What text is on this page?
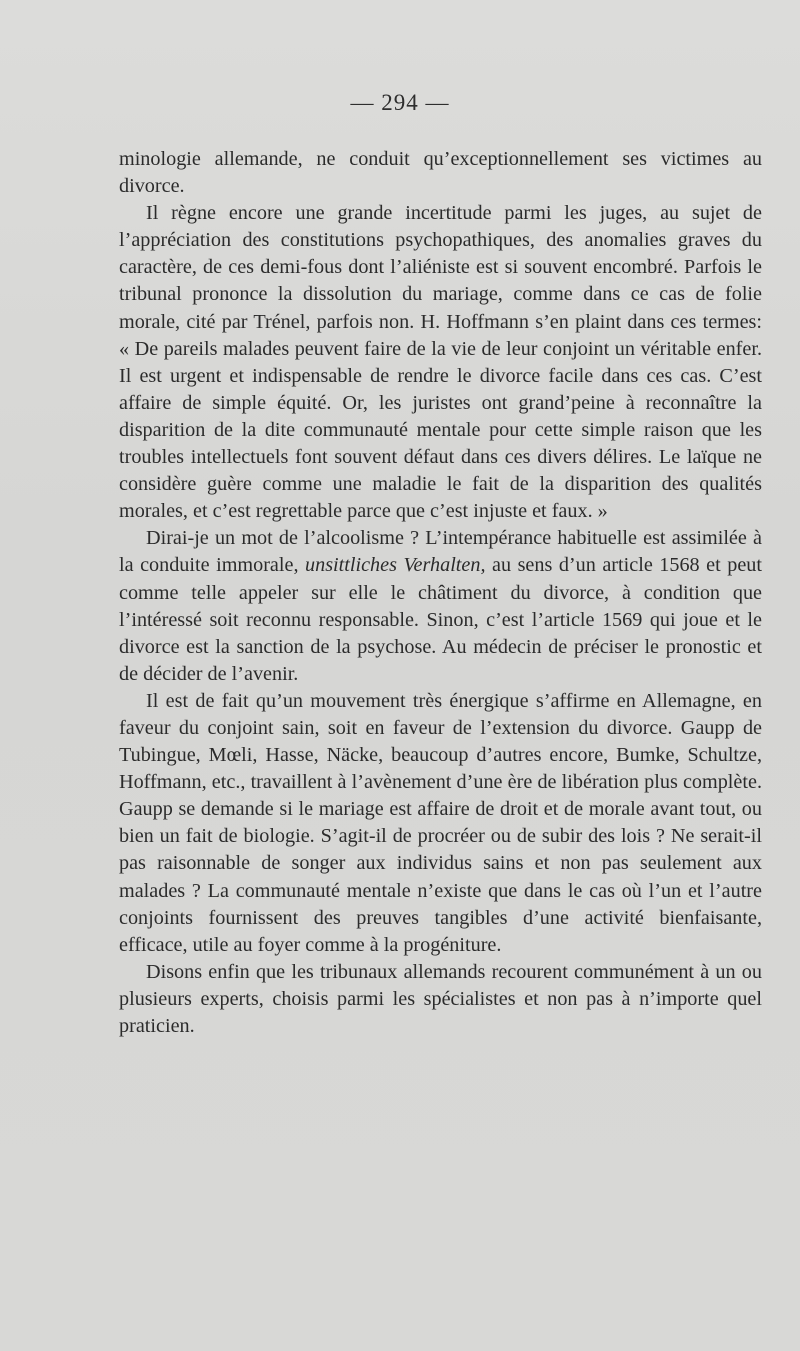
— 294 —

minologie allemande, ne conduit qu’exceptionnellement ses victimes au divorce.

Il règne encore une grande incertitude parmi les juges, au sujet de l’appréciation des constitutions psychopathiques, des anomalies graves du caractère, de ces demi-fous dont l’aliéniste est si souvent encombré. Parfois le tribunal prononce la dissolution du mariage, comme dans ce cas de folie morale, cité par Trénel, parfois non. H. Hoffmann s’en plaint dans ces termes: « De pareils malades peuvent faire de la vie de leur conjoint un véritable enfer. Il est urgent et indispensable de rendre le divorce facile dans ces cas. C’est affaire de simple équité. Or, les juristes ont grand’peine à reconnaître la disparition de la dite communauté mentale pour cette simple raison que les troubles intellectuels font souvent défaut dans ces divers délires. Le laïque ne considère guère comme une maladie le fait de la disparition des qualités morales, et c’est regrettable parce que c’est injuste et faux. »

Dirai-je un mot de l’alcoolisme ? L’intempérance habituelle est assimilée à la conduite immorale, unsittliches Verhalten, au sens d’un article 1568 et peut comme telle appeler sur elle le châtiment du divorce, à condition que l’intéressé soit reconnu responsable. Sinon, c’est l’article 1569 qui joue et le divorce est la sanction de la psychose. Au médecin de préciser le pronostic et de décider de l’avenir.

Il est de fait qu’un mouvement très énergique s’affirme en Allemagne, en faveur du conjoint sain, soit en faveur de l’extension du divorce. Gaupp de Tubingue, Mœli, Hasse, Näcke, beaucoup d’autres encore, Bumke, Schultze, Hoffmann, etc., travaillent à l’avènement d’une ère de libération plus complète. Gaupp se demande si le mariage est affaire de droit et de morale avant tout, ou bien un fait de biologie. S’agit-il de procréer ou de subir des lois ? Ne serait-il pas raisonnable de songer aux individus sains et non pas seulement aux malades ? La communauté mentale n’existe que dans le cas où l’un et l’autre conjoints fournissent des preuves tangibles d’une activité bienfaisante, efficace, utile au foyer comme à la progéniture.

Disons enfin que les tribunaux allemands recourent communément à un ou plusieurs experts, choisis parmi les spécialistes et non pas à n’importe quel praticien.
